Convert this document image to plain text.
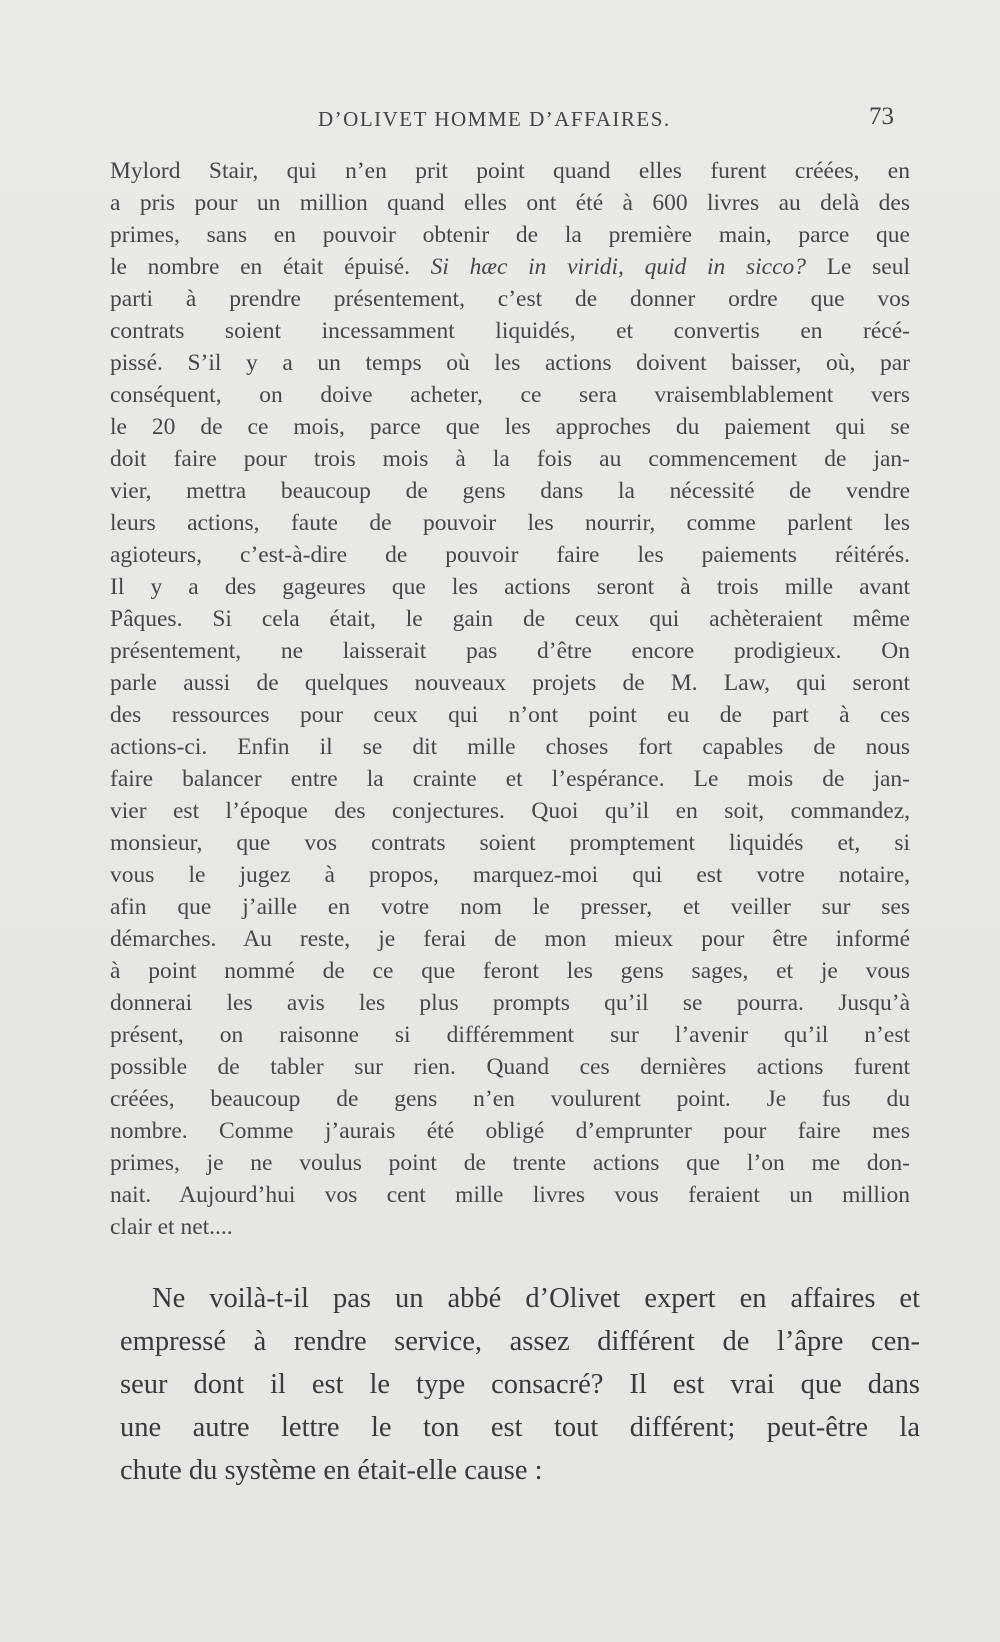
D’OLIVET HOMME D’AFFAIRES.	73
Mylord Stair, qui n’en prit point quand elles furent créées, en
a pris pour un million quand elles ont été à 600 livres au delà des
primes, sans en pouvoir obtenir de la première main, parce que
le nombre en était épuisé. Si hæc in viridi, quid in sicco? Le seul
parti à prendre présentement, c’est de donner ordre que vos
contrats soient incessamment liquidés, et convertis en récé-
pissé. S’il y a un temps où les actions doivent baisser, où, par
conséquent, on doive acheter, ce sera vraisemblablement vers
le 20 de ce mois, parce que les approches du paiement qui se
doit faire pour trois mois à la fois au commencement de jan-
vier, mettra beaucoup de gens dans la nécessité de vendre
leurs actions, faute de pouvoir les nourrir, comme parlent les
agioteurs, c’est-à-dire de pouvoir faire les paiements réitérés.
Il y a des gageures que les actions seront à trois mille avant
Pâques. Si cela était, le gain de ceux qui achèteraient même
présentement, ne laisserait pas d’être encore prodigieux. On
parle aussi de quelques nouveaux projets de M. Law, qui seront
des ressources pour ceux qui n’ont point eu de part à ces
actions-ci. Enfin il se dit mille choses fort capables de nous
faire balancer entre la crainte et l’espérance. Le mois de jan-
vier est l’époque des conjectures. Quoi qu’il en soit, commandez,
monsieur, que vos contrats soient promptement liquidés et, si
vous le jugez à propos, marquez-moi qui est votre notaire,
afin que j’aille en votre nom le presser, et veiller sur ses
démarches. Au reste, je ferai de mon mieux pour être informé
à point nommé de ce que feront les gens sages, et je vous
donnerai les avis les plus prompts qu’il se pourra. Jusqu’à
présent, on raisonne si différemment sur l’avenir qu’il n’est
possible de tabler sur rien. Quand ces dernières actions furent
créées, beaucoup de gens n’en voulurent point. Je fus du
nombre. Comme j’aurais été obligé d’emprunter pour faire mes
primes, je ne voulus point de trente actions que l’on me don-
nait. Aujourd’hui vos cent mille livres vous feraient un million
clair et net....
Ne voilà-t-il pas un abbé d’Olivet expert en affaires et
empressé à rendre service, assez différent de l’âpre cen-
seur dont il est le type consacré? Il est vrai que dans
une autre lettre le ton est tout différent; peut-être la
chute du système en était-elle cause :
